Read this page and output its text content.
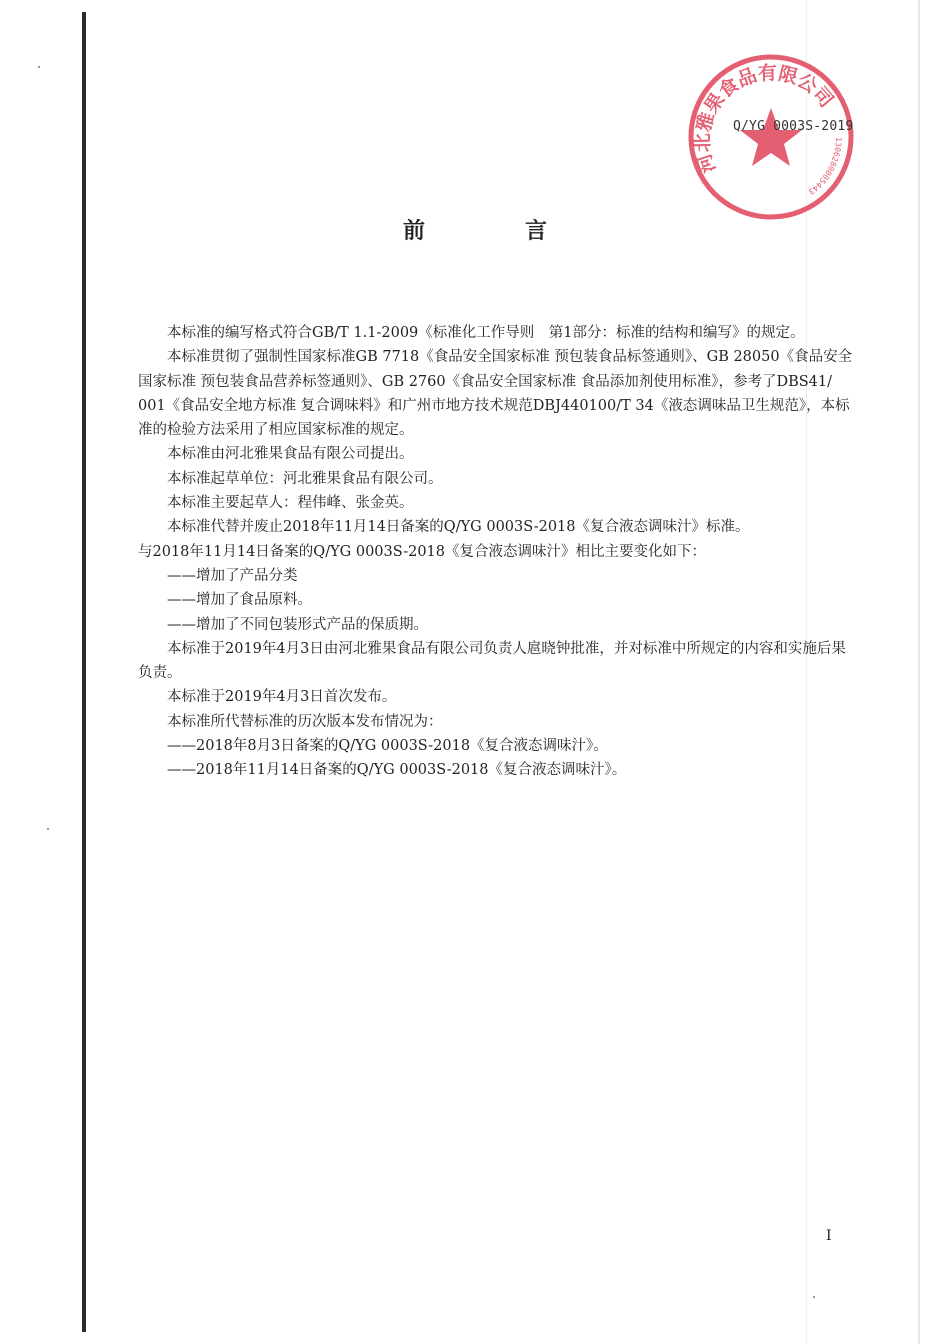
河北雅果食品有限公司
1306280005443
Q/YG 0003S-2019
前言

本标准的编写格式符合GB/T 1.1-2009《标准化工作导则　第1部分：标准的结构和编写》的规定。

本标准贯彻了强制性国家标准GB 7718《食品安全国家标准 预包装食品标签通则》、GB 28050《食品安全国家标准 预包装食品营养标签通则》、GB 2760《食品安全国家标准 食品添加剂使用标准》，参考了DBS41/ 001《食品安全地方标准 复合调味料》和广州市地方技术规范DBJ440100/T 34《液态调味品卫生规范》，本标准的检验方法采用了相应国家标准的规定。

本标准由河北雅果食品有限公司提出。

本标准起草单位：河北雅果食品有限公司。

本标准主要起草人：程伟峰、张金英。

本标准代替并废止2018年11月14日备案的Q/YG 0003S-2018《复合液态调味汁》标准。

与2018年11月14日备案的Q/YG 0003S-2018《复合液态调味汁》相比主要变化如下：

——增加了产品分类

——增加了食品原料。

——增加了不同包装形式产品的保质期。

本标准于2019年4月3日由河北雅果食品有限公司负责人扈晓钟批准，并对标准中所规定的内容和实施后果负责。

本标准于2019年4月3日首次发布。

本标准所代替标准的历次版本发布情况为：

——2018年8月3日备案的Q/YG 0003S-2018《复合液态调味汁》。

——2018年11月14日备案的Q/YG 0003S-2018《复合液态调味汁》。

I
